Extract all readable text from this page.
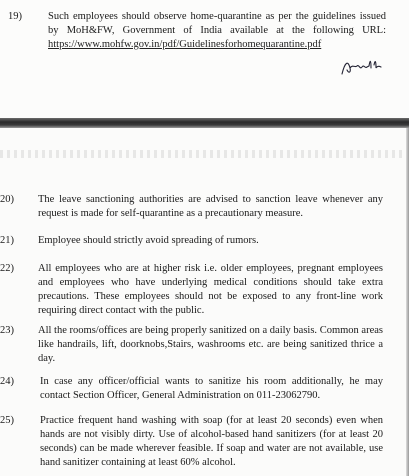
19) Such employees should observe home-quarantine as per the guidelines issued by MoH&FW, Government of India available at the following URL: https://www.mohfw.gov.in/pdf/Guidelinesforhomequarantine.pdf
20) The leave sanctioning authorities are advised to sanction leave whenever any request is made for self-quarantine as a precautionary measure.
21) Employee should strictly avoid spreading of rumors.
22) All employees who are at higher risk i.e. older employees, pregnant employees and employees who have underlying medical conditions should take extra precautions. These employees should not be exposed to any front-line work requiring direct contact with the public.
23) All the rooms/offices are being properly sanitized on a daily basis. Common areas like handrails, lift, doorknobs,Stairs, washrooms etc. are being sanitized thrice a day.
24) In case any officer/official wants to sanitize his room additionally, he may contact Section Officer, General Administration on 011-23062790.
25) Practice frequent hand washing with soap (for at least 20 seconds) even when hands are not visibly dirty. Use of alcohol-based hand sanitizers (for at least 20 seconds) can be made wherever feasible. If soap and water are not available, use hand sanitizer containing at least 60% alcohol.
